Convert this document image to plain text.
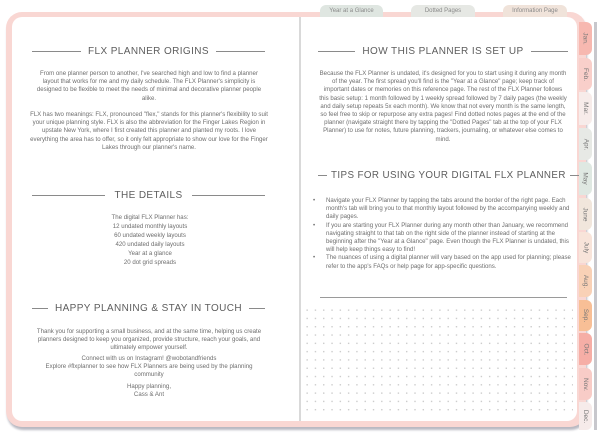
Year at a Glance	Dotted Pages	Information Page
Jan.
Feb.
Mar.
Apr.
May
June
July
Aug.
Sep.
Oct.
Nov.
Dec.
FLX PLANNER ORIGINS
From one planner person to another, I've searched high and low to find a planner layout that works for me and my daily schedule. The FLX Planner's simplicity is designed to be flexible to meet the needs of minimal and decorative planner people alike.
FLX has two meanings: FLX, pronounced "flex," stands for this planner's flexibility to suit your unique planning style. FLX is also the abbreviation for the Finger Lakes Region in upstate New York, where I first created this planner and planted my roots. I love everything the area has to offer, so it only felt appropriate to show our love for the Finger Lakes through our planner's name.
THE DETAILS
The digital FLX Planner has:
12 undated monthly layouts
60 undated weekly layouts
420 undated daily layouts
Year at a glance
20 dot grid spreads
HAPPY PLANNING & STAY IN TOUCH
Thank you for supporting a small business, and at the same time, helping us create planners designed to keep you organized, provide structure, reach your goals, and ultimately empower yourself.
Connect with us on Instagram! @wobotandfriends
Explore #flxplanner to see how FLX Planners are being used by the planning community
Happy planning,
Cass & Ant
HOW THIS PLANNER IS SET UP
Because the FLX Planner is undated, it's designed for you to start using it during any month of the year. The first spread you'll find is the "Year at a Glance" page; keep track of important dates or memories on this reference page. The rest of the FLX Planner follows this basic setup: 1 month followed by 1 weekly spread followed by 7 daily pages (the weekly and daily setup repeats 5x each month). We know that not every month is the same length, so feel free to skip or repurpose any extra pages! Find dotted notes pages at the end of the planner (navigate straight there by tapping the "Dotted Pages" tab at the top of your FLX Planner) to use for notes, future planning, trackers, journaling, or whatever else comes to mind.
TIPS FOR USING YOUR DIGITAL FLX PLANNER
• Navigate your FLX Planner by tapping the tabs around the border of the right page. Each month's tab will bring you to that monthly layout followed by the accompanying weekly and daily pages.
• If you are starting your FLX Planner during any month other than January, we recommend navigating straight to that tab on the right side of the planner instead of starting at the beginning after the "Year at a Glance" page. Even though the FLX Planner is undated, this will help keep things easy to find!
• The nuances of using a digital planner will vary based on the app used for planning; please refer to the app's FAQs or help page for app-specific questions.
